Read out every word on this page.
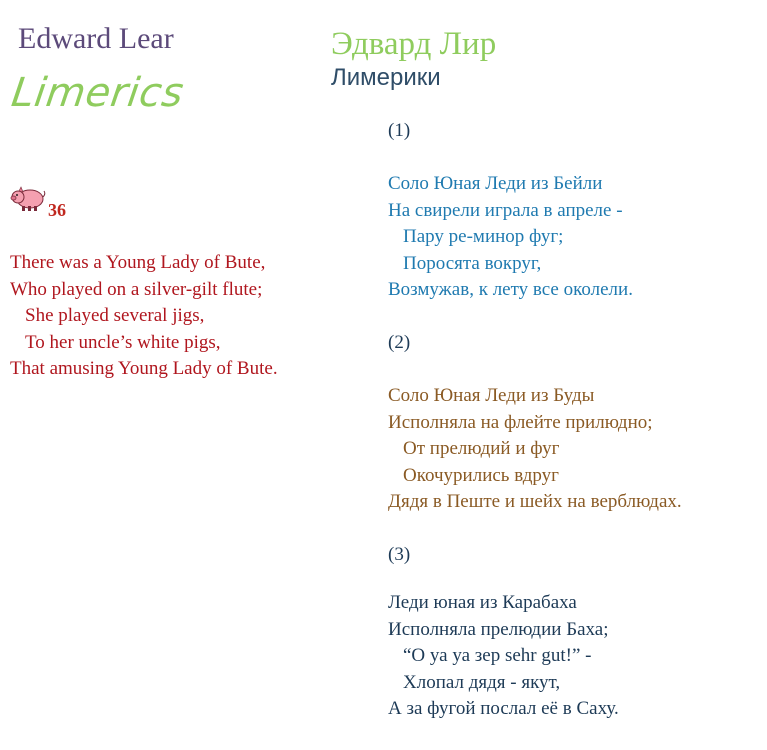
Edward Lear
Limerics
Эдвард Лир
Лимерики
36
There was a Young Lady of Bute,
Who played on a silver-gilt flute;
She played several jigs,
To her uncle’s white pigs,
That amusing Young Lady of Bute.
(1)
Соло Юная Леди из Бейли
На свирели играла в апреле -
Пару ре-минор фуг;
Поросята вокруг,
Возмужав, к лету все околели.
(2)
Соло Юная Леди из Буды
Исполняла на флейте прилюдно;
От прелюдий и фуг
Окочурились вдруг
Дядя в Пеште и шейх на верблюдах.
(3)
Леди юная из Карабаха
Исполняла прелюдии Баха;
“О уа уа зер sehr gut!” -
Хлопал дядя - якут,
А за фугой послал её в Саху.
